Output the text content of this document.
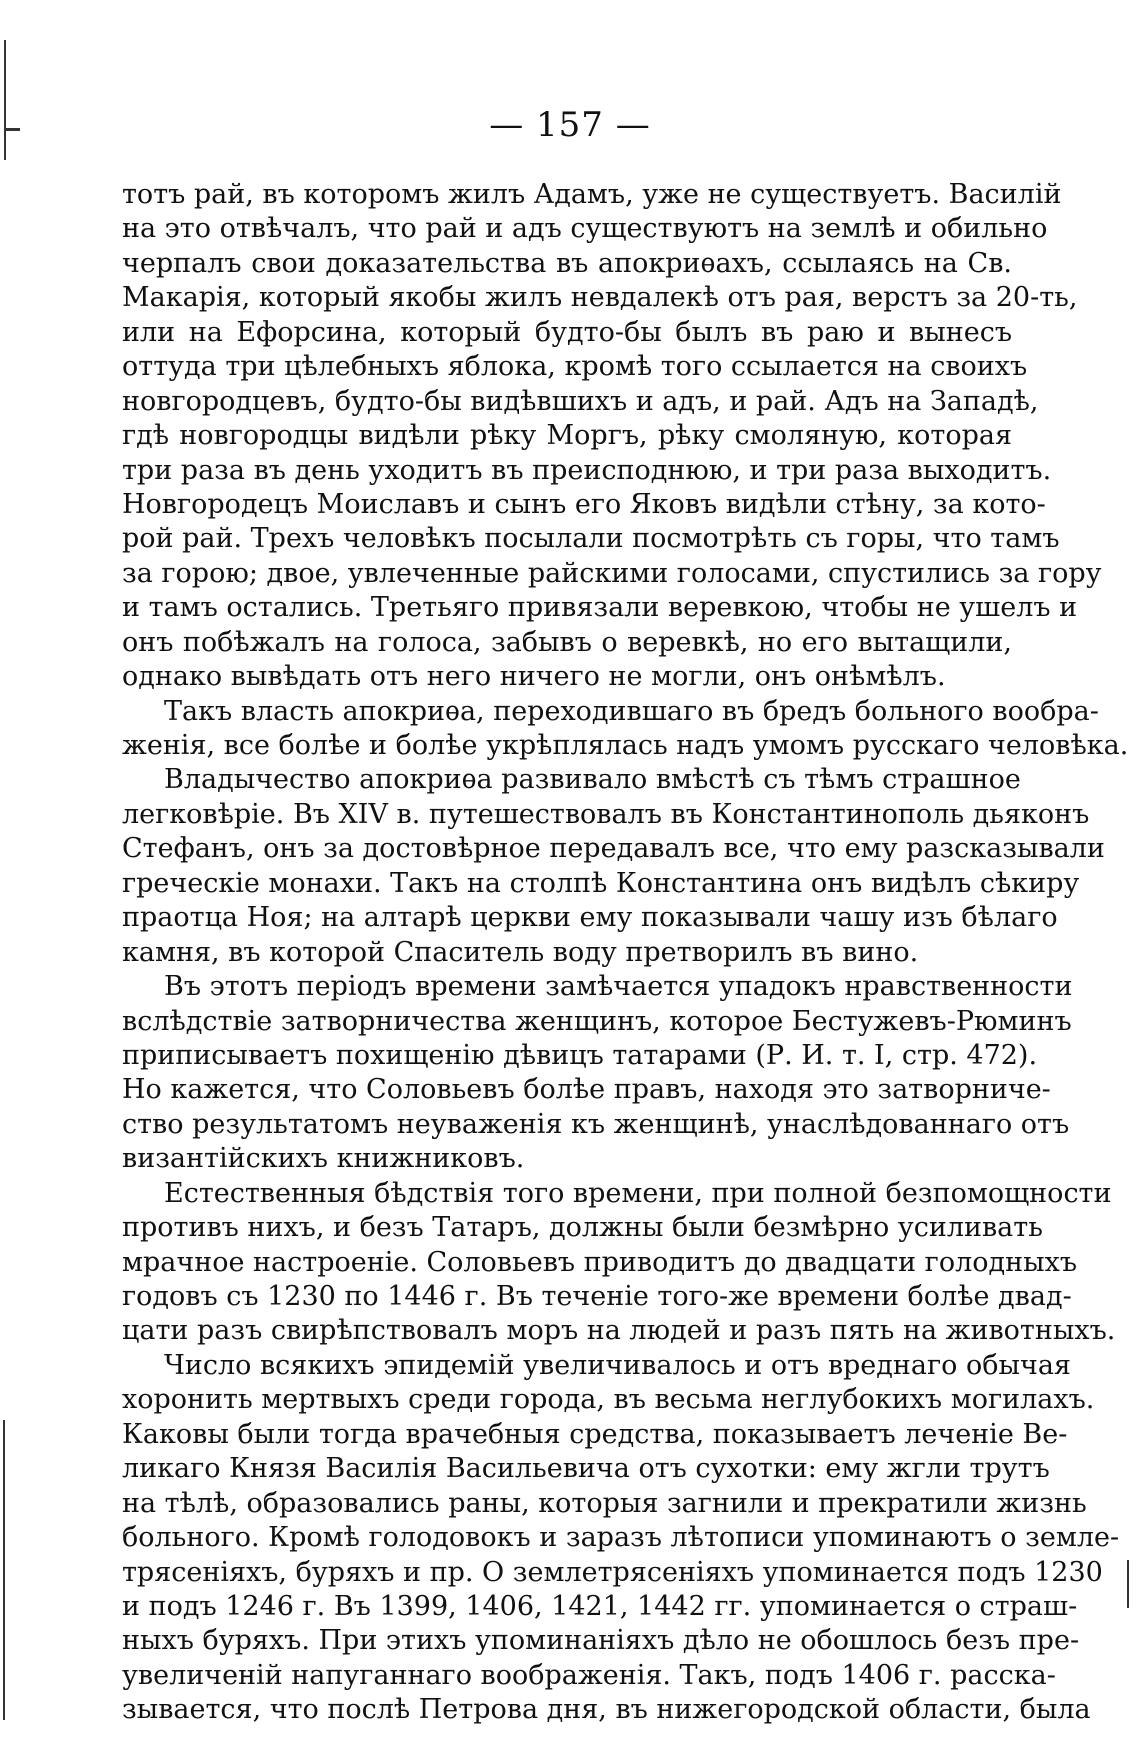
— 157 —
тотъ рай, въ которомъ жилъ Адамъ, уже не существуетъ. Василій
на это отвѣчалъ, что рай и адъ существуютъ на землѣ и обильно
черпалъ свои доказательства въ апокриѳахъ, ссылаясь на Св.
Макарія, который якобы жилъ невдалекѣ отъ рая, верстъ за 20-ть,
или на Ефорсина, который будто-бы былъ въ раю и вынесъ
оттуда три цѣлебныхъ яблока, кромѣ того ссылается на своихъ
новгородцевъ, будто-бы видѣвшихъ и адъ, и рай. Адъ на Западѣ,
гдѣ новгородцы видѣли рѣку Моргъ, рѣку смоляную, которая
три раза въ день уходитъ въ преисподнюю, и три раза выходитъ.
Новгородецъ Моиславъ и сынъ его Яковъ видѣли стѣну, за кото-
рой рай. Трехъ человѣкъ посылали посмотрѣть съ горы, что тамъ
за горою; двое, увлеченные райскими голосами, спустились за гору
и тамъ остались. Третьяго привязали веревкою, чтобы не ушелъ и
онъ побѣжалъ на голоса, забывъ о веревкѣ, но его вытащили,
однако вывѣдать отъ него ничего не могли, онъ онѣмѣлъ.
Такъ власть апокриѳа, переходившаго въ бредъ больного вообра-
женія, все болѣе и болѣе укрѣплялась надъ умомъ русскаго человѣка.
Владычество апокриѳа развивало вмѣстѣ съ тѣмъ страшное
легковѣріе. Въ XIV в. путешествовалъ въ Константинополь дьяконъ
Стефанъ, онъ за достовѣрное передавалъ все, что ему разсказывали
греческіе монахи. Такъ на столпѣ Константина онъ видѣлъ сѣкиру
праотца Ноя; на алтарѣ церкви ему показывали чашу изъ бѣлаго
камня, въ которой Спаситель воду претворилъ въ вино.
Въ этотъ періодъ времени замѣчается упадокъ нравственности
вслѣдствіе затворничества женщинъ, которое Бестужевъ-Рюминъ
приписываетъ похищенію дѣвицъ татарами (Р. И. т. I, стр. 472).
Но кажется, что Соловьевъ болѣе правъ, находя это затворниче-
ство результатомъ неуваженія къ женщинѣ, унаслѣдованнаго отъ
византійскихъ книжниковъ.
Естественныя бѣдствія того времени, при полной безпомощности
противъ нихъ, и безъ Татаръ, должны были безмѣрно усиливать
мрачное настроеніе. Соловьевъ приводитъ до двадцати голодныхъ
годовъ съ 1230 по 1446 г. Въ теченіе того-же времени болѣе двад-
цати разъ свирѣпствовалъ моръ на людей и разъ пять на животныхъ.
Число всякихъ эпидемій увеличивалось и отъ вреднаго обычая
хоронить мертвыхъ среди города, въ весьма неглубокихъ могилахъ.
Каковы были тогда врачебныя средства, показываетъ леченіе Ве-
ликаго Князя Василія Васильевича отъ сухотки: ему жгли трутъ
на тѣлѣ, образовались раны, которыя загнили и прекратили жизнь
больного. Кромѣ голодовокъ и заразъ лѣтописи упоминаютъ о земле-
трясеніяхъ, буряхъ и пр. О землетрясеніяхъ упоминается подъ 1230
и подъ 1246 г. Въ 1399, 1406, 1421, 1442 гг. упоминается о страш-
ныхъ буряхъ. При этихъ упоминаніяхъ дѣло не обошлось безъ пре-
увеличеній напуганнаго воображенія. Такъ, подъ 1406 г. расска-
зывается, что послѣ Петрова дня, въ нижегородской области, была
